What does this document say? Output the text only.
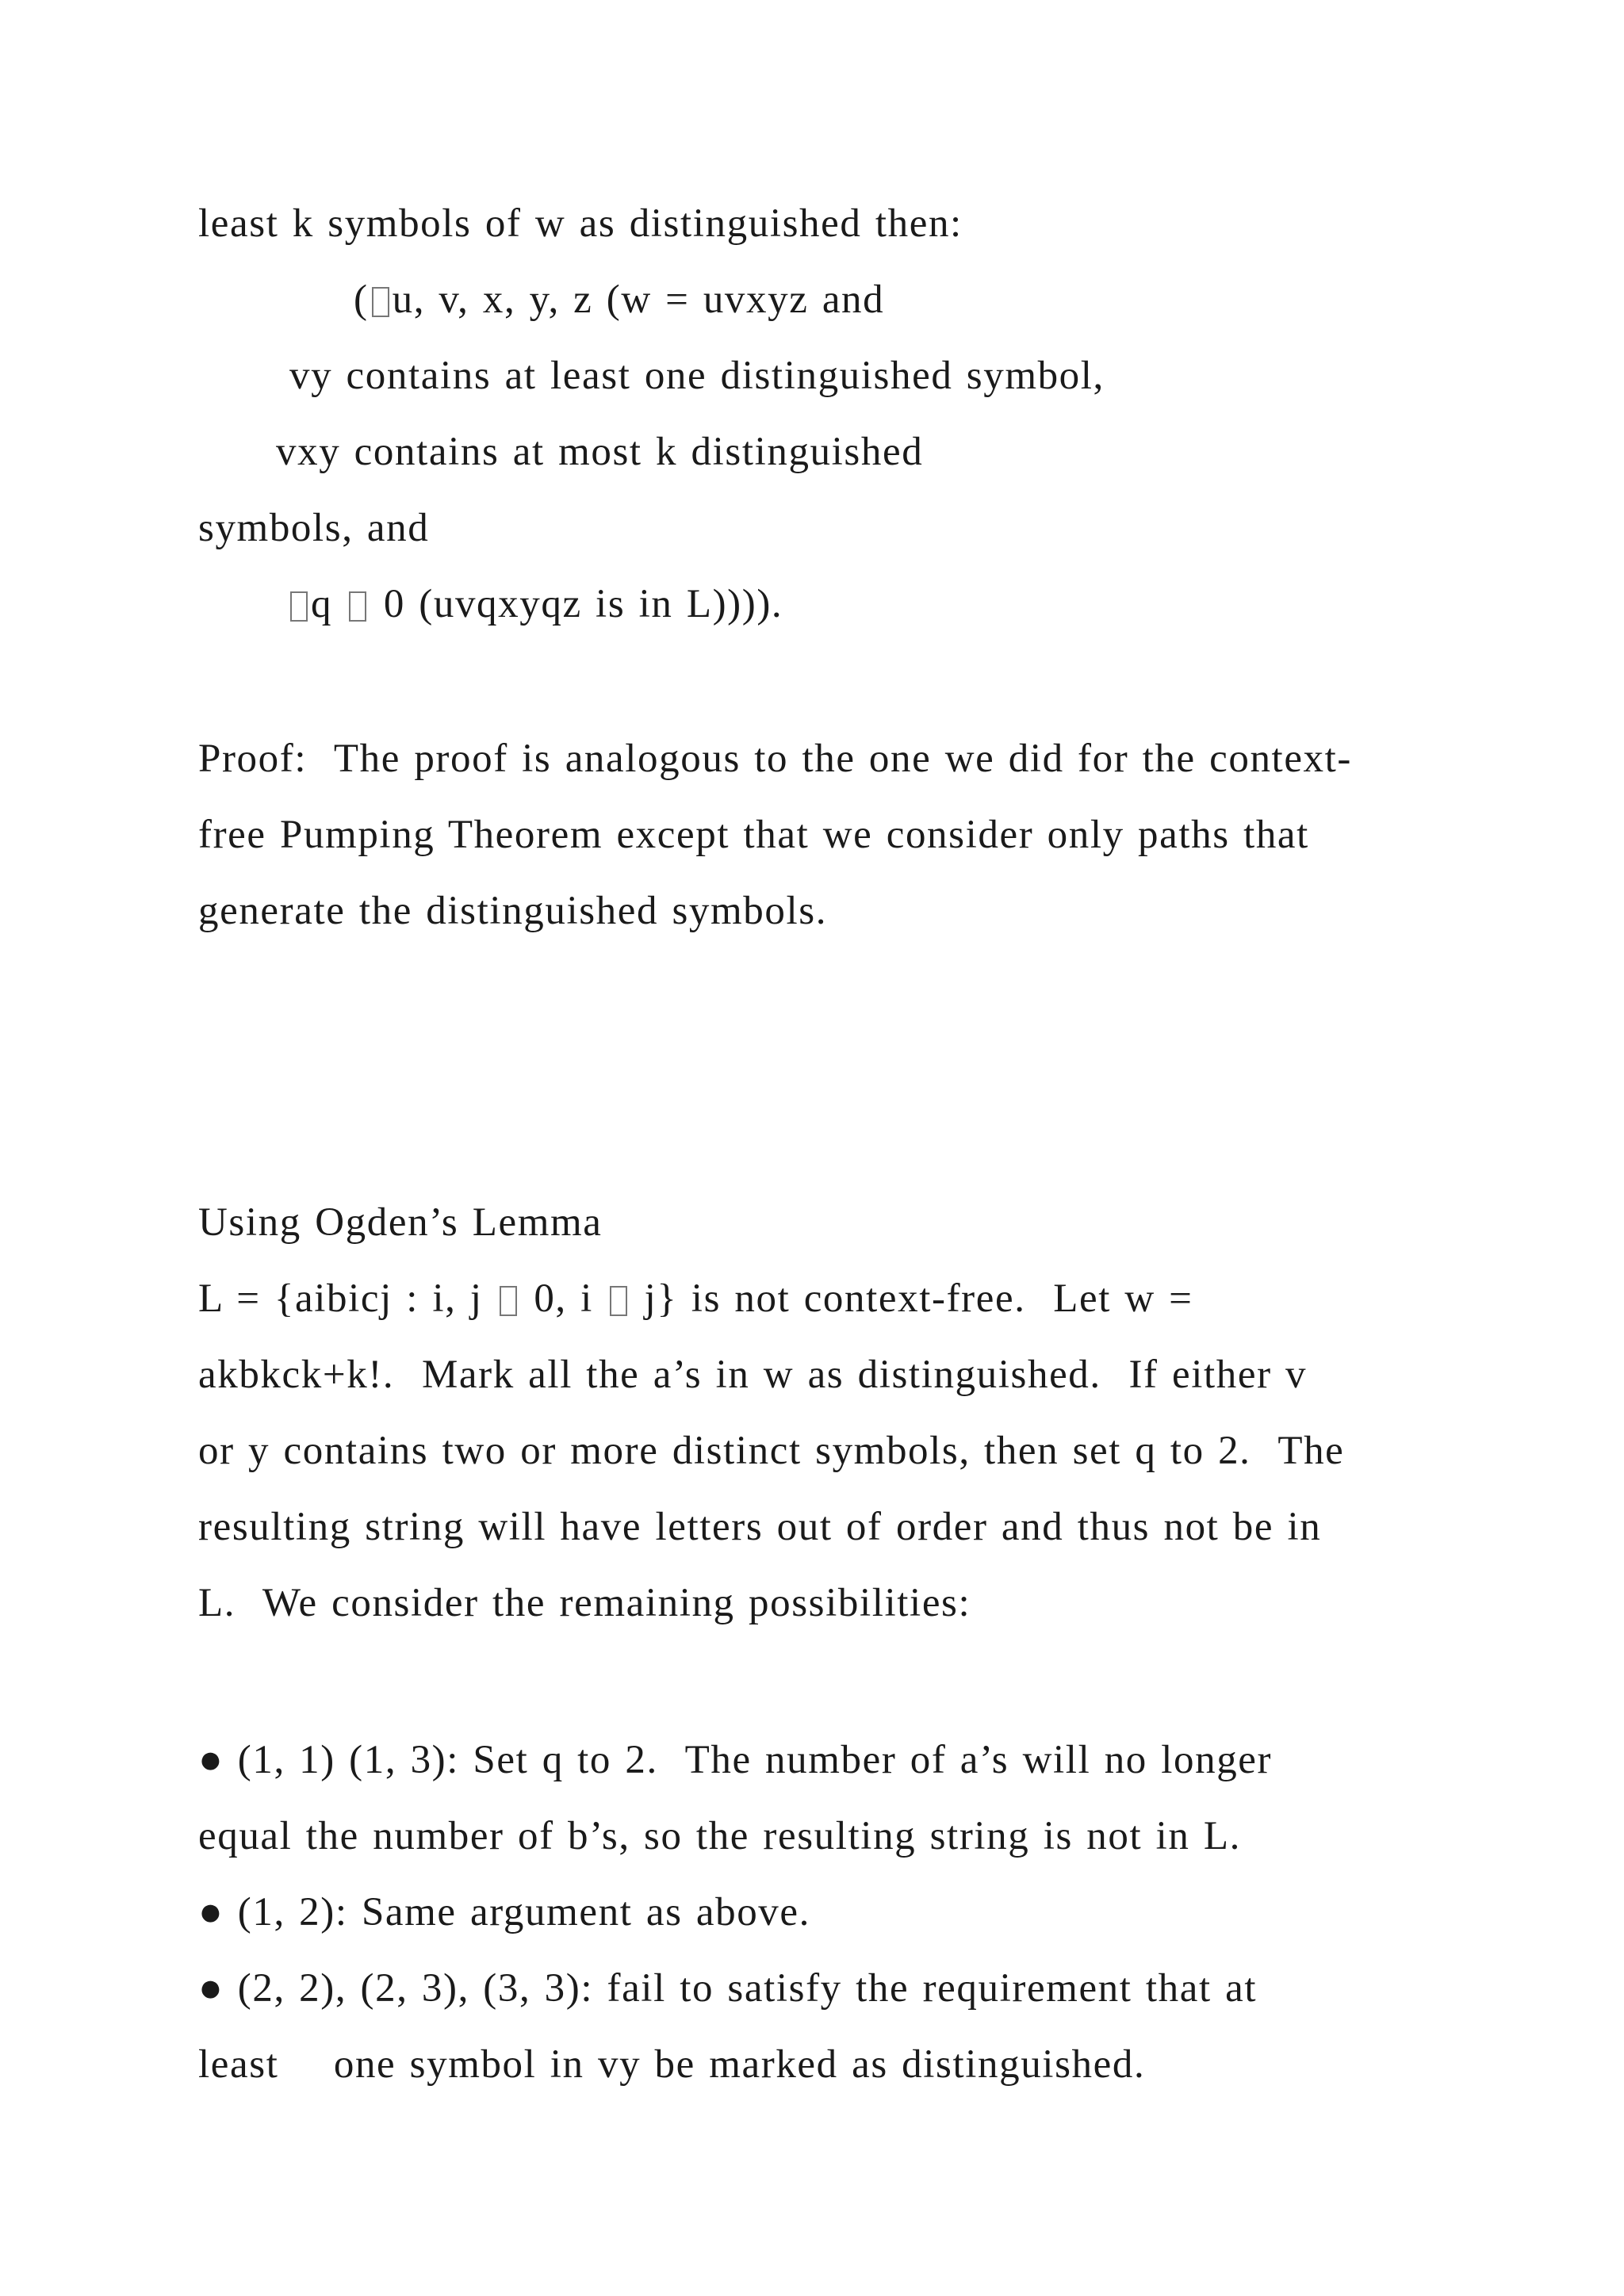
least k symbols of w as distinguished then:
( u, v, x, y, z (w = uvxyz and
vy contains at least one distinguished symbol,
vxy contains at most k distinguished
symbols, and
q 0 (uvqxyqz is in L)))).
Proof:  The proof is analogous to the one we did for the context-
free Pumping Theorem except that we consider only paths that
generate the distinguished symbols.
Using Ogden’s Lemma
L = {aibicj : i, j 0, i j} is not context-free.  Let w =
akbkck+k!.  Mark all the a’s in w as distinguished.  If either v
or y contains two or more distinct symbols, then set q to 2.  The
resulting string will have letters out of order and thus not be in
L.  We consider the remaining possibilities:
● (1, 1) (1, 3): Set q to 2.  The number of a’s will no longer
equal the number of b’s, so the resulting string is not in L.
● (1, 2): Same argument as above.
● (2, 2), (2, 3), (3, 3): fail to satisfy the requirement that at
least    one symbol in vy be marked as distinguished.
